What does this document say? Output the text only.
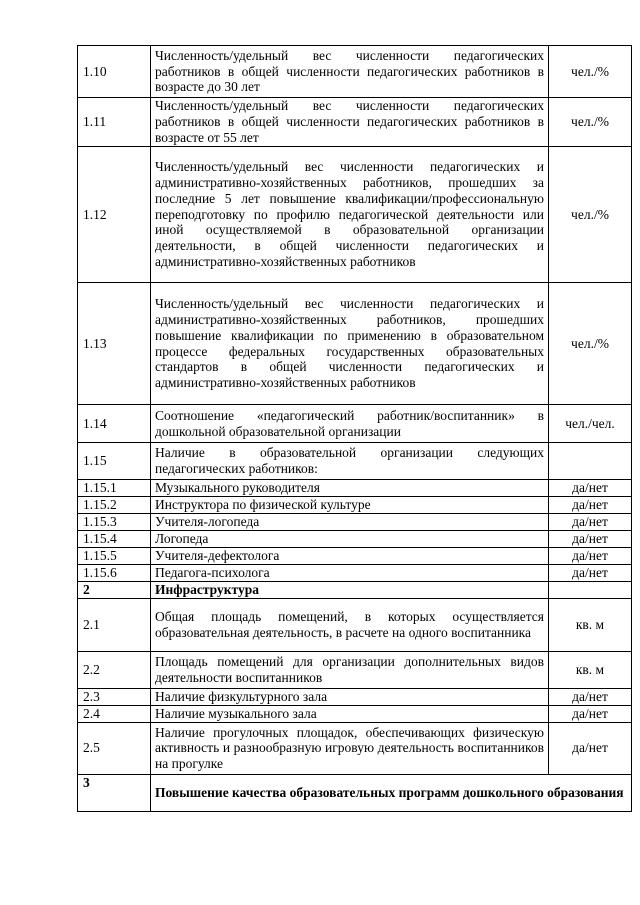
1.10	Численность/удельный вес численности педагогических работников в общей численности педагогических работников в возрасте до 30 лет	чел./%
1.11	Численность/удельный вес численности педагогических работников в общей численности педагогических работников в возрасте от 55 лет	чел./%
1.12	Численность/удельный вес численности педагогических и административно-хозяйственных работников, прошедших за последние 5 лет повышение квалификации/профессиональную переподготовку по профилю педагогической деятельности или иной осуществляемой в образовательной организации деятельности, в общей численности педагогических и административно-хозяйственных работников	чел./%
1.13	Численность/удельный вес численности педагогических и административно-хозяйственных работников, прошедших повышение квалификации по применению в образовательном процессе федеральных государственных образовательных стандартов в общей численности педагогических и административно-хозяйственных работников	чел./%
1.14	Соотношение «педагогический работник/воспитанник» в дошкольной образовательной организации	чел./чел.
1.15	Наличие в образовательной организации следующих педагогических работников:	
1.15.1	Музыкального руководителя	да/нет
1.15.2	Инструктора по физической культуре	да/нет
1.15.3	Учителя-логопеда	да/нет
1.15.4	Логопеда	да/нет
1.15.5	Учителя-дефектолога	да/нет
1.15.6	Педагога-психолога	да/нет
2	Инфраструктура	
2.1	Общая площадь помещений, в которых осуществляется образовательная деятельность, в расчете на одного воспитанника	кв. м
2.2	Площадь помещений для организации дополнительных видов деятельности воспитанников	кв. м
2.3	Наличие физкультурного зала	да/нет
2.4	Наличие музыкального зала	да/нет
2.5	Наличие прогулочных площадок, обеспечивающих физическую активность и разнообразную игровую деятельность воспитанников на прогулке	да/нет
3	Повышение качества образовательных программ дошкольного образования	
